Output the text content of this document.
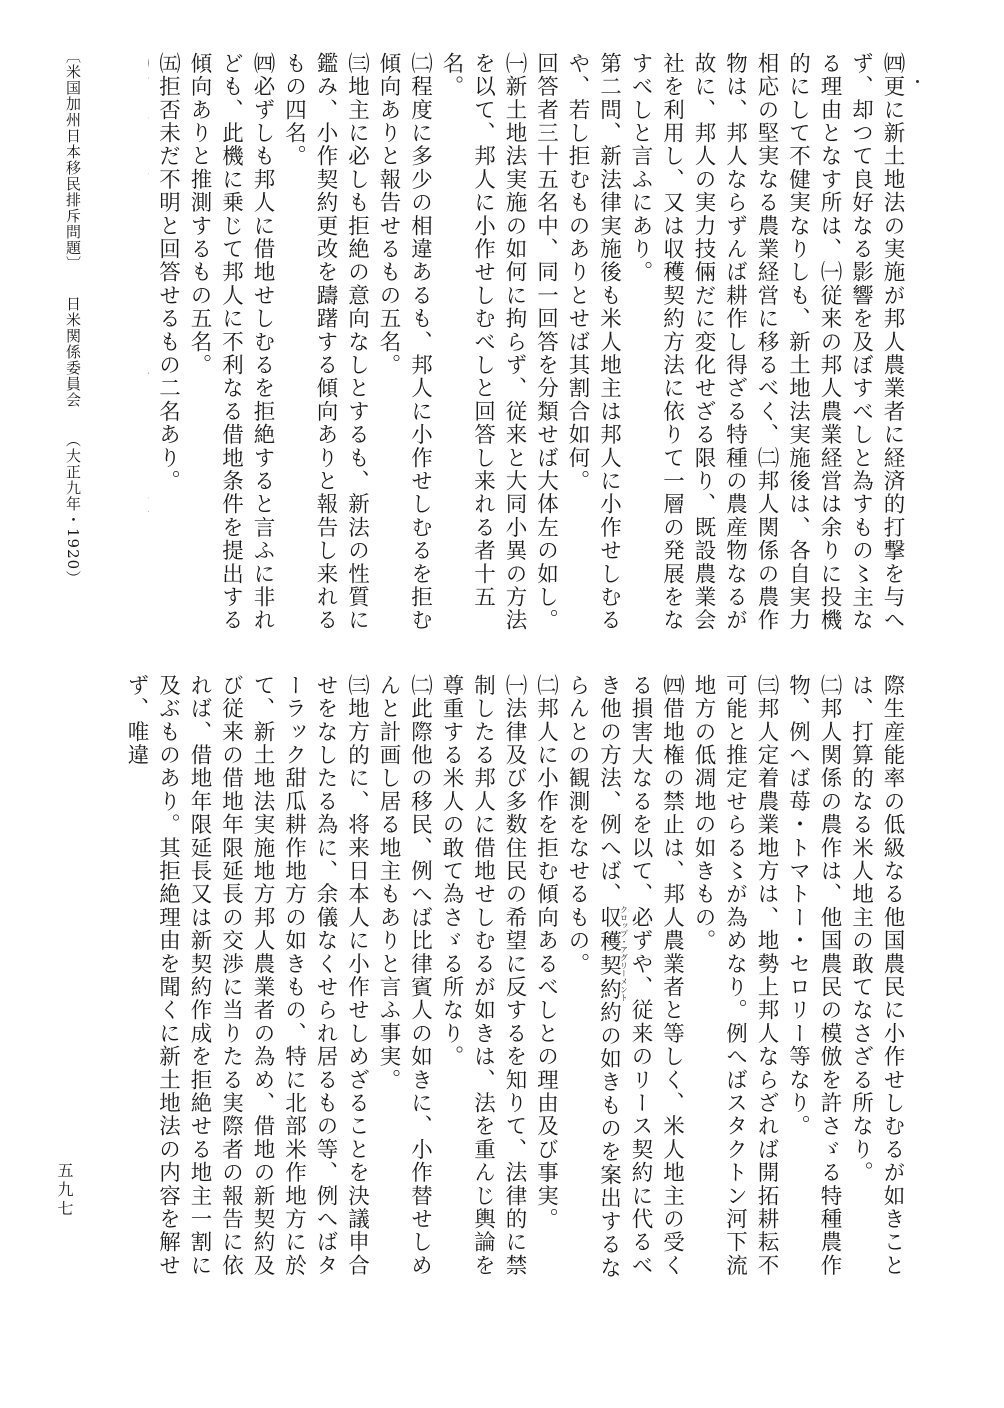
㈣更に新土地法の実施が邦人農業者に経済的打撃を与へず、却つて良好なる影響を及ぼすべしと為すもの〻主なる理由となす所は、㈠従来の邦人農業経営は余りに投機的にして不健実なりしも、新土地法実施後は、各自実力相応の堅実なる農業経営に移るべく、㈡邦人関係の農作物は、邦人ならずんば耕作し得ざる特種の農産物なるが故に、邦人の実力技倆だに変化せざる限り、既設農業会社を利用し、又は収穫契約方法に依りて一層の発展をなすべしと言ふにあり。

第二問、新法律実施後も米人地主は邦人に小作せしむるや、若し拒むものありとせば其割合如何。

回答者三十五名中、同一回答を分類せば大体左の如し。

㈠新土地法実施の如何に拘らず、従来と大同小異の方法を以て、邦人に小作せしむべしと回答し来れる者十五名。

㈡程度に多少の相違あるも、邦人に小作せしむるを拒む傾向ありと報告せるもの五名。

㈢地主に必しも拒絶の意向なしとするも、新法の性質に鑑み、小作契約更改を躊躇する傾向ありと報告し来れるもの四名。

㈣必ずしも邦人に借地せしむるを拒絶すると言ふに非れども、此機に乗じて邦人に不利なる借地条件を提出する傾向ありと推測するもの五名。

㈤拒否未だ不明と回答せるもの二名あり。

際生産能率の低級なる他国農民に小作せしむるが如きことは、打算的なる米人地主の敢てなさざる所なり。

㈡邦人関係の農作は、他国農民の模倣を許さゞる特種農作物、例へば苺・トマトー・セロリー等なり。

㈢邦人定着農業地方は、地勢上邦人ならざれば開拓耕耘不可能と推定せらる〻が為めなり。例へばスタクトン河下流地方の低凋地の如きもの。

㈣借地権の禁止は、邦人農業者と等しく、米人地主の受くる損害大なるを以て、必ずや、従来のリース契約に代るべき他の方法、例へば、収穫契約クロップ・アグリーメント約の如きものを案出するならんとの観測をなせるもの。

㈡邦人に小作を拒む傾向あるべしとの理由及び事実。

㈠法律及び多数住民の希望に反するを知りて、法律的に禁制したる邦人に借地せしむるが如きは、法を重んじ輿論を尊重する米人の敢て為さゞる所なり。

㈡此際他の移民、例へば比律賓人の如きに、小作替せしめんと計画し居る地主もありと言ふ事実。

㈢地方的に、将来日本人に小作せしめざることを決議申合せをなしたる為に、余儀なくせられ居るもの等、例へばターラック甜瓜耕作地方の如きもの、特に北部米作地方に於て、新土地法実施地方邦人農業者の為め、借地の新契約及び従来の借地年限延長の交渉に当りたる実際者の報告に依れば、借地年限延長又は新契約作成を拒絶せる地主一割に及ぶものあり。其拒絶理由を聞くに新土地法の内容を解せず、唯違

〔米国加州日本移民排斥問題〕日米関係委員会（大正九年・1920）
五九七
